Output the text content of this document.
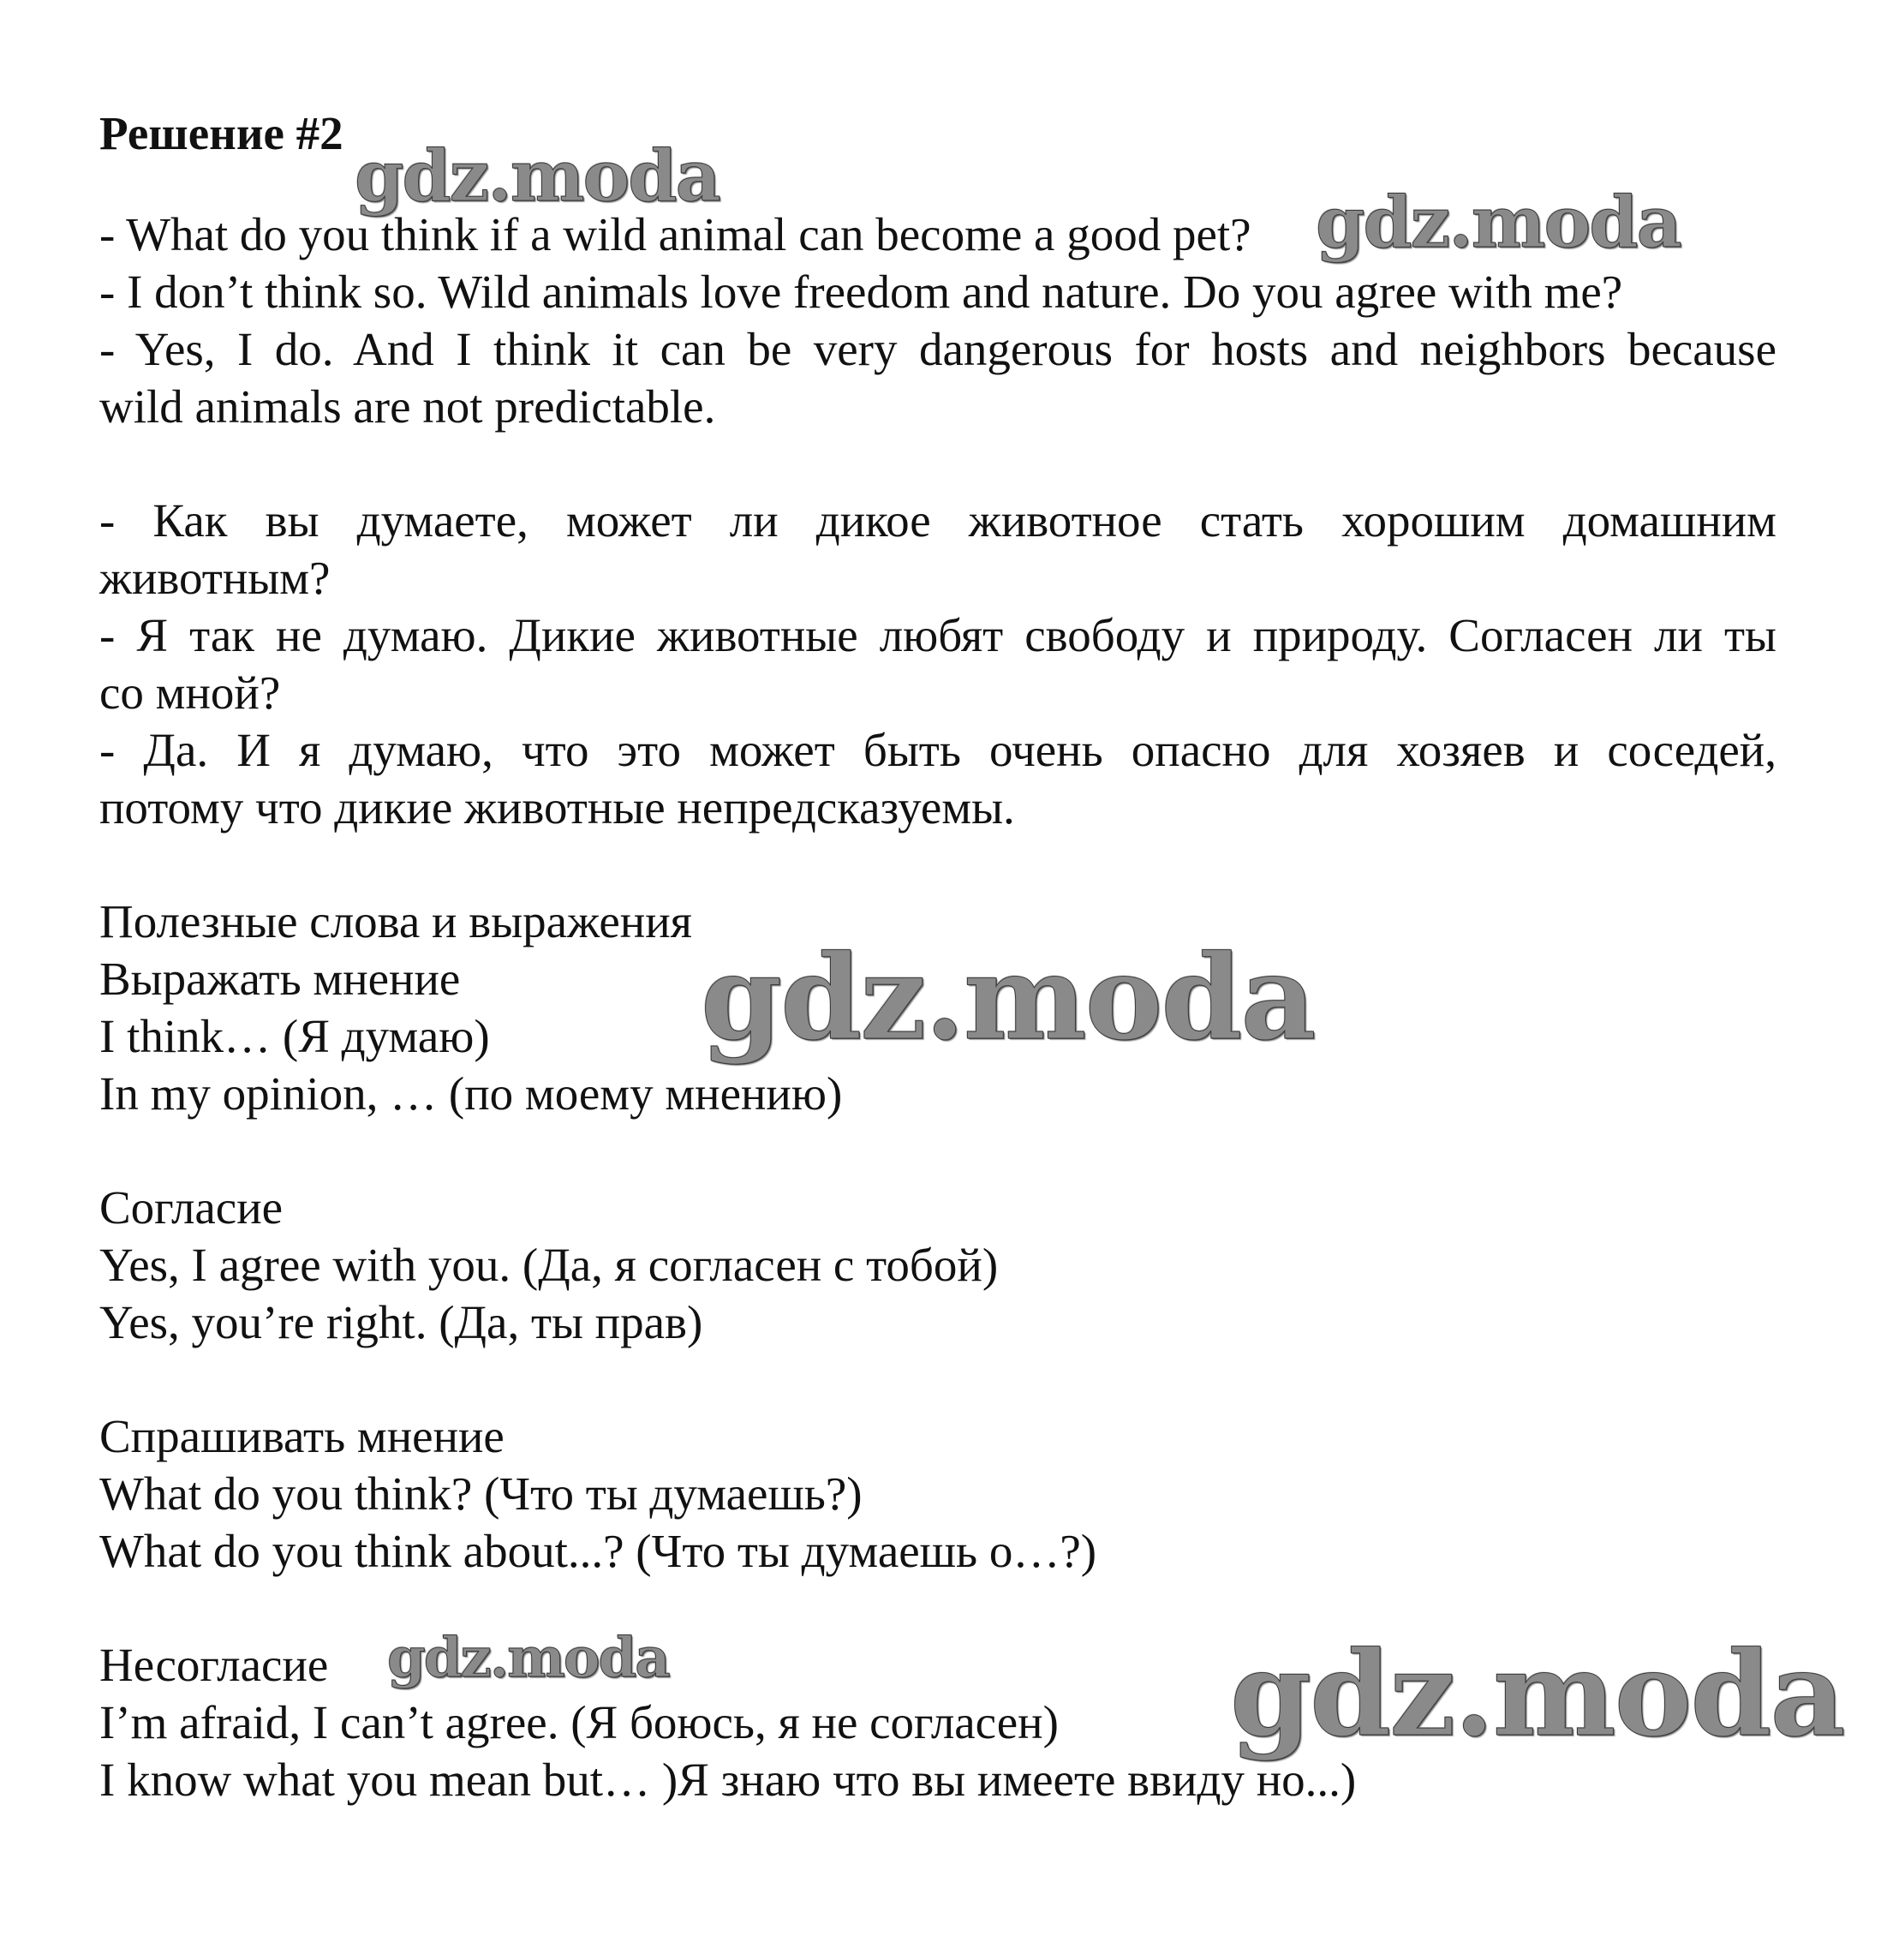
Решение #2
- What do you think if a wild animal can become a good pet?
- I don’t think so. Wild animals love freedom and nature. Do you agree with me?
- Yes, I do. And I think it can be very dangerous for hosts and neighbors because
wild animals are not predictable.
- Как вы думаете, может ли дикое животное стать хорошим домашним
животным?
- Я так не думаю. Дикие животные любят свободу и природу. Согласен ли ты
со мной?
- Да. И я думаю, что это может быть очень опасно для хозяев и соседей,
потому что дикие животные непредсказуемы.
Полезные слова и выражения
Выражать мнение
I think… (Я думаю)
In my opinion, … (по моему мнению)
Согласие
Yes, I agree with you. (Да, я согласен с тобой)
Yes, you’re right. (Да, ты прав)
Спрашивать мнение
What do you think? (Что ты думаешь?)
What do you think about...? (Что ты думаешь о…?)
Несогласие
I’m afraid, I can’t agree. (Я боюсь, я не согласен)
I know what you mean but… )Я знаю что вы имеете ввиду но...)
gdz.moda
gdz.moda
gdz.moda
gdz.moda	gdz.moda
